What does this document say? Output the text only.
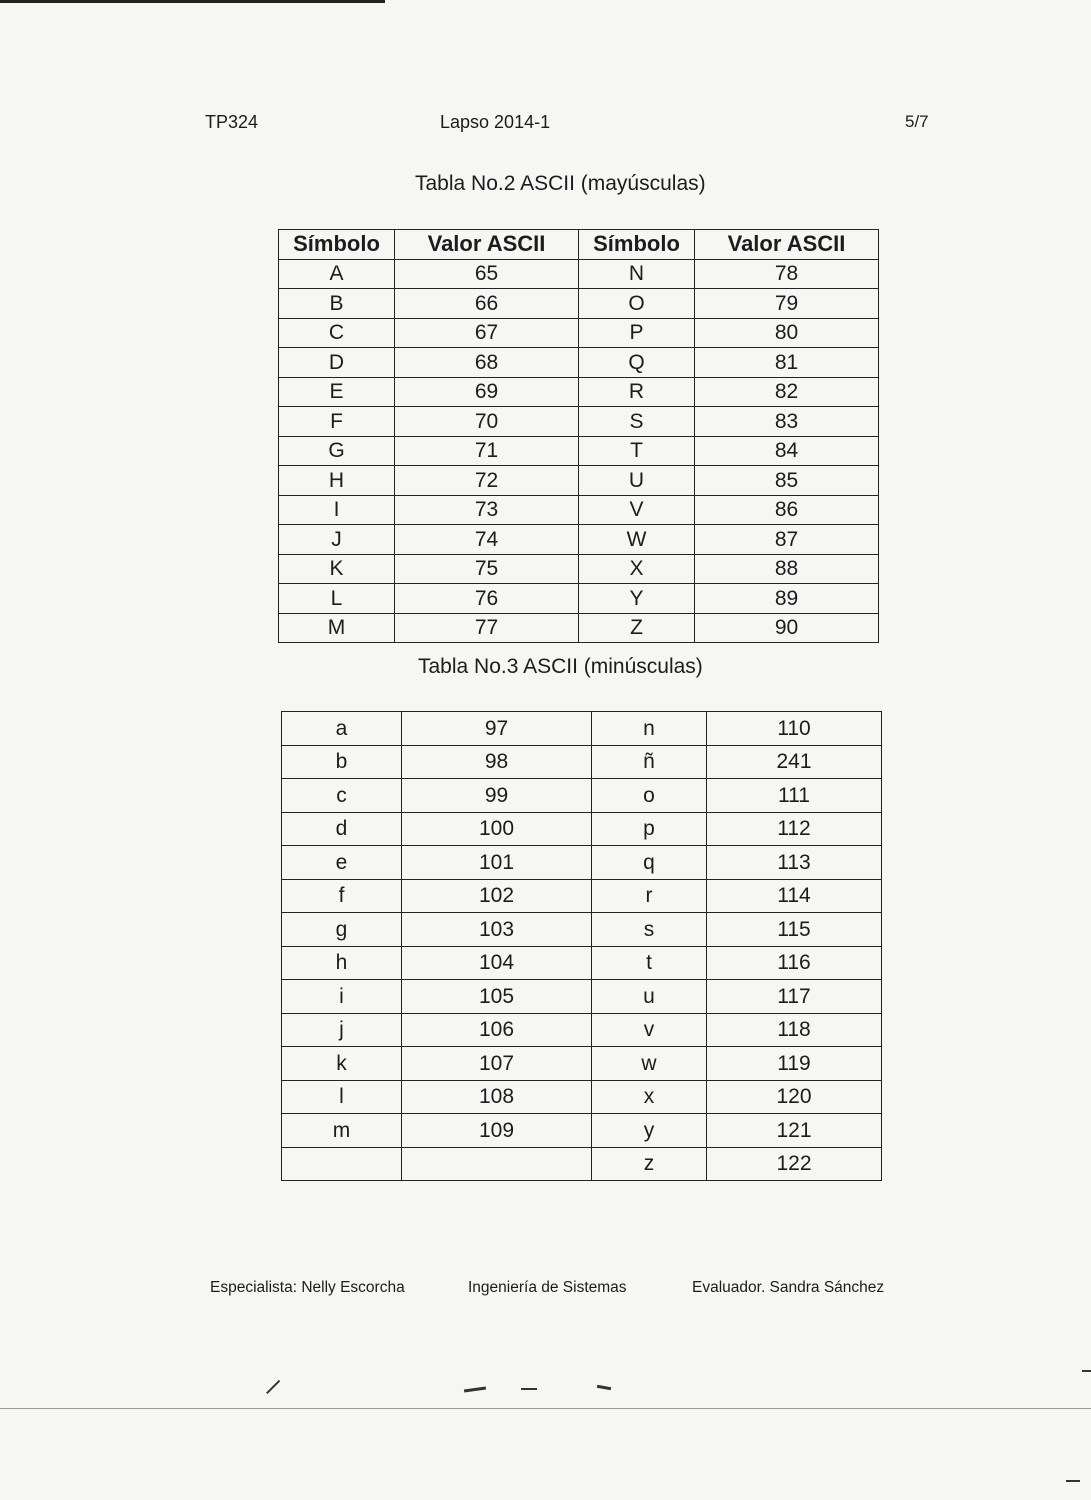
TP324	Lapso 2014-1	5/7
Tabla No.2 ASCII (mayúsculas)
Símbolo	Valor ASCII	Símbolo	Valor ASCII
A	65	N	78
B	66	O	79
C	67	P	80
D	68	Q	81
E	69	R	82
F	70	S	83
G	71	T	84
H	72	U	85
I	73	V	86
J	74	W	87
K	75	X	88
L	76	Y	89
M	77	Z	90
Tabla No.3 ASCII (minúsculas)
a	97	n	110
b	98	ñ	241
c	99	o	111
d	100	p	112
e	101	q	113
f	102	r	114
g	103	s	115
h	104	t	116
i	105	u	117
j	106	v	118
k	107	w	119
l	108	x	120
m	109	y	121
		z	122
Especialista: Nelly Escorcha	Ingeniería de Sistemas	Evaluador. Sandra Sánchez
